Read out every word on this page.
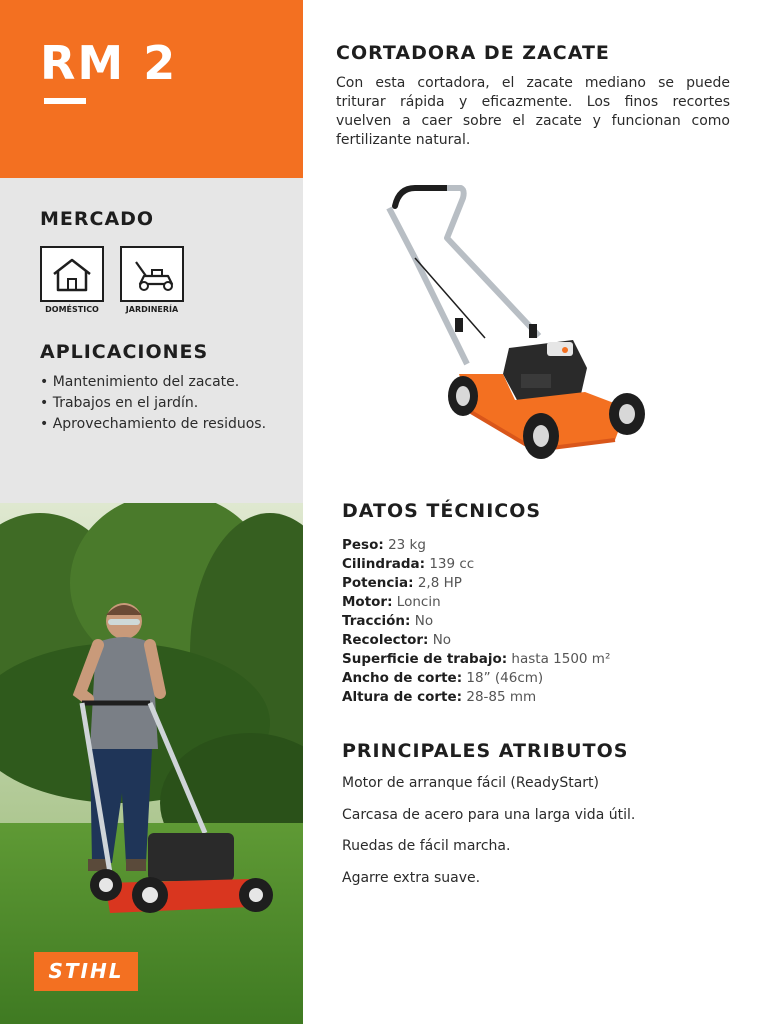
RM 2
MERCADO
DOMÉSTICO	JARDINERÍA
APLICACIONES
• Mantenimiento del zacate.
• Trabajos en el jardín.
• Aprovechamiento de residuos.
STIHL
CORTADORA DE ZACATE

Con esta cortadora, el zacate mediano se puede triturar rápida y eficazmente. Los finos recortes vuelven a caer sobre el zacate y funcionan como fertilizante natural.

DATOS TÉCNICOS
Peso: 23 kg
Cilindrada: 139 cc
Potencia: 2,8 HP
Motor: Loncin
Tracción: No
Recolector: No
Superficie de trabajo: hasta 1500 m²
Ancho de corte: 18” (46cm)
Altura de corte: 28-85 mm
PRINCIPALES ATRIBUTOS

Motor de arranque fácil (ReadyStart)

Carcasa de acero para una larga vida útil.

Ruedas de fácil marcha.

Agarre extra suave.
